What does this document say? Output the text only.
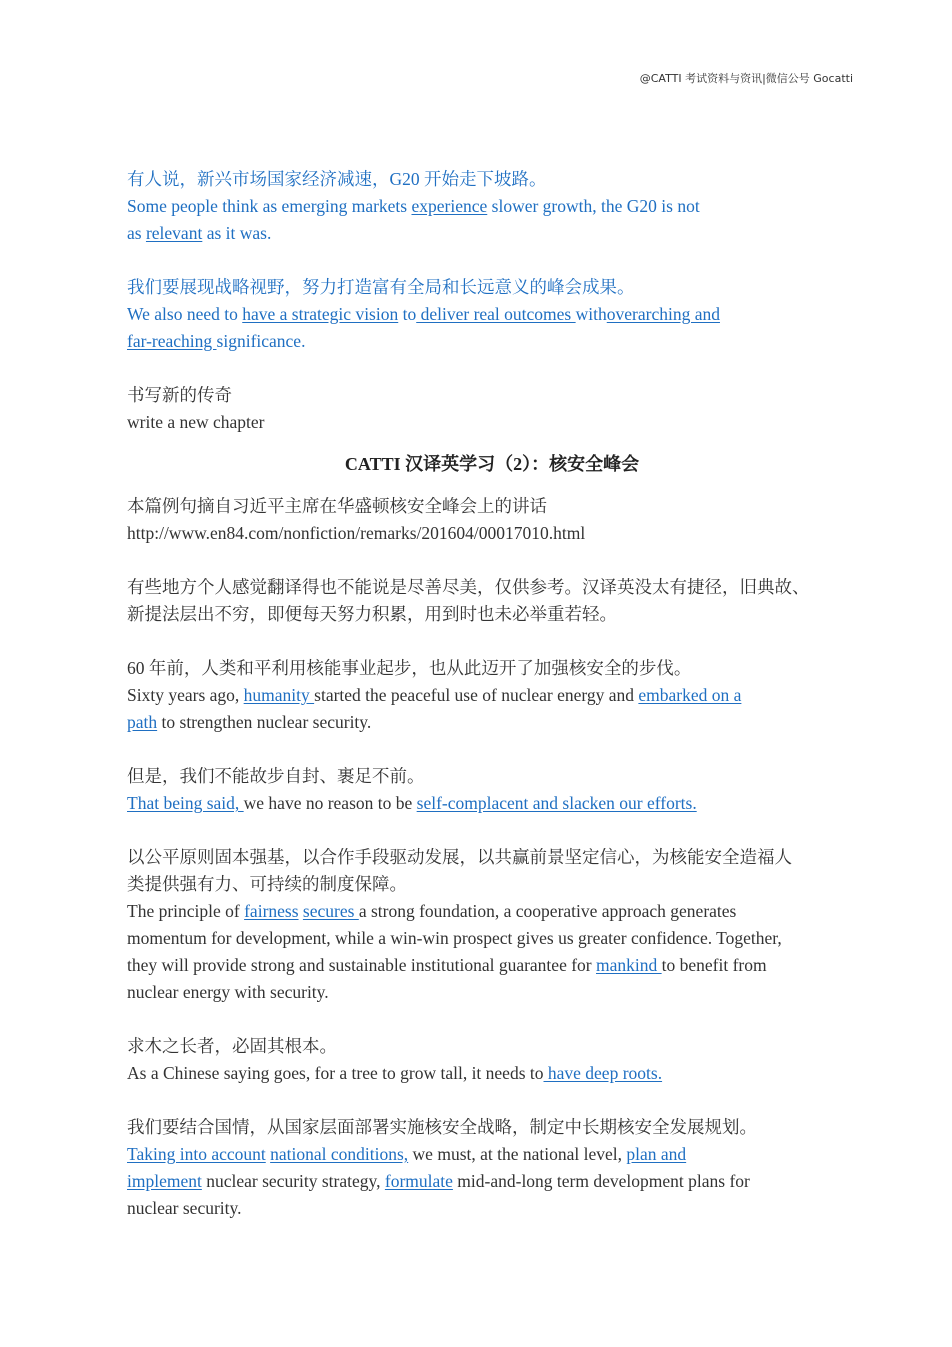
@CATTI 考试资料与资讯|微信公号 Gocatti
有人说，新兴市场国家经济减速，G20 开始走下坡路。
Some people think as emerging markets experience slower growth, the G20 is not
as relevant as it was.
我们要展现战略视野，努力打造富有全局和长远意义的峰会成果。
We also need to have a strategic vision to deliver real outcomes withoverarching and
far-reaching significance.
书写新的传奇
write a new chapter
CATTI 汉译英学习（2）：核安全峰会
本篇例句摘自习近平主席在华盛顿核安全峰会上的讲话
http://www.en84.com/nonfiction/remarks/201604/00017010.html
有些地方个人感觉翻译得也不能说是尽善尽美，仅供参考。汉译英没太有捷径，旧典故、
新提法层出不穷，即便每天努力积累，用到时也未必举重若轻。
60 年前，人类和平利用核能事业起步，也从此迈开了加强核安全的步伐。
Sixty years ago, humanity started the peaceful use of nuclear energy and embarked on a
path to strengthen nuclear security.
但是，我们不能故步自封、裹足不前。
That being said, we have no reason to be self-complacent and slacken our efforts.
以公平原则固本强基，以合作手段驱动发展，以共赢前景坚定信心，为核能安全造福人
类提供强有力、可持续的制度保障。
The principle of fairness secures a strong foundation, a cooperative approach generates
momentum for development, while a win-win prospect gives us greater confidence. Together,
they will provide strong and sustainable institutional guarantee for mankind to benefit from
nuclear energy with security.
求木之长者，必固其根本。
As a Chinese saying goes, for a tree to grow tall, it needs to have deep roots.
我们要结合国情，从国家层面部署实施核安全战略，制定中长期核安全发展规划。
Taking into account national conditions, we must, at the national level, plan and
implement nuclear security strategy, formulate mid-and-long term development plans for
nuclear security.
